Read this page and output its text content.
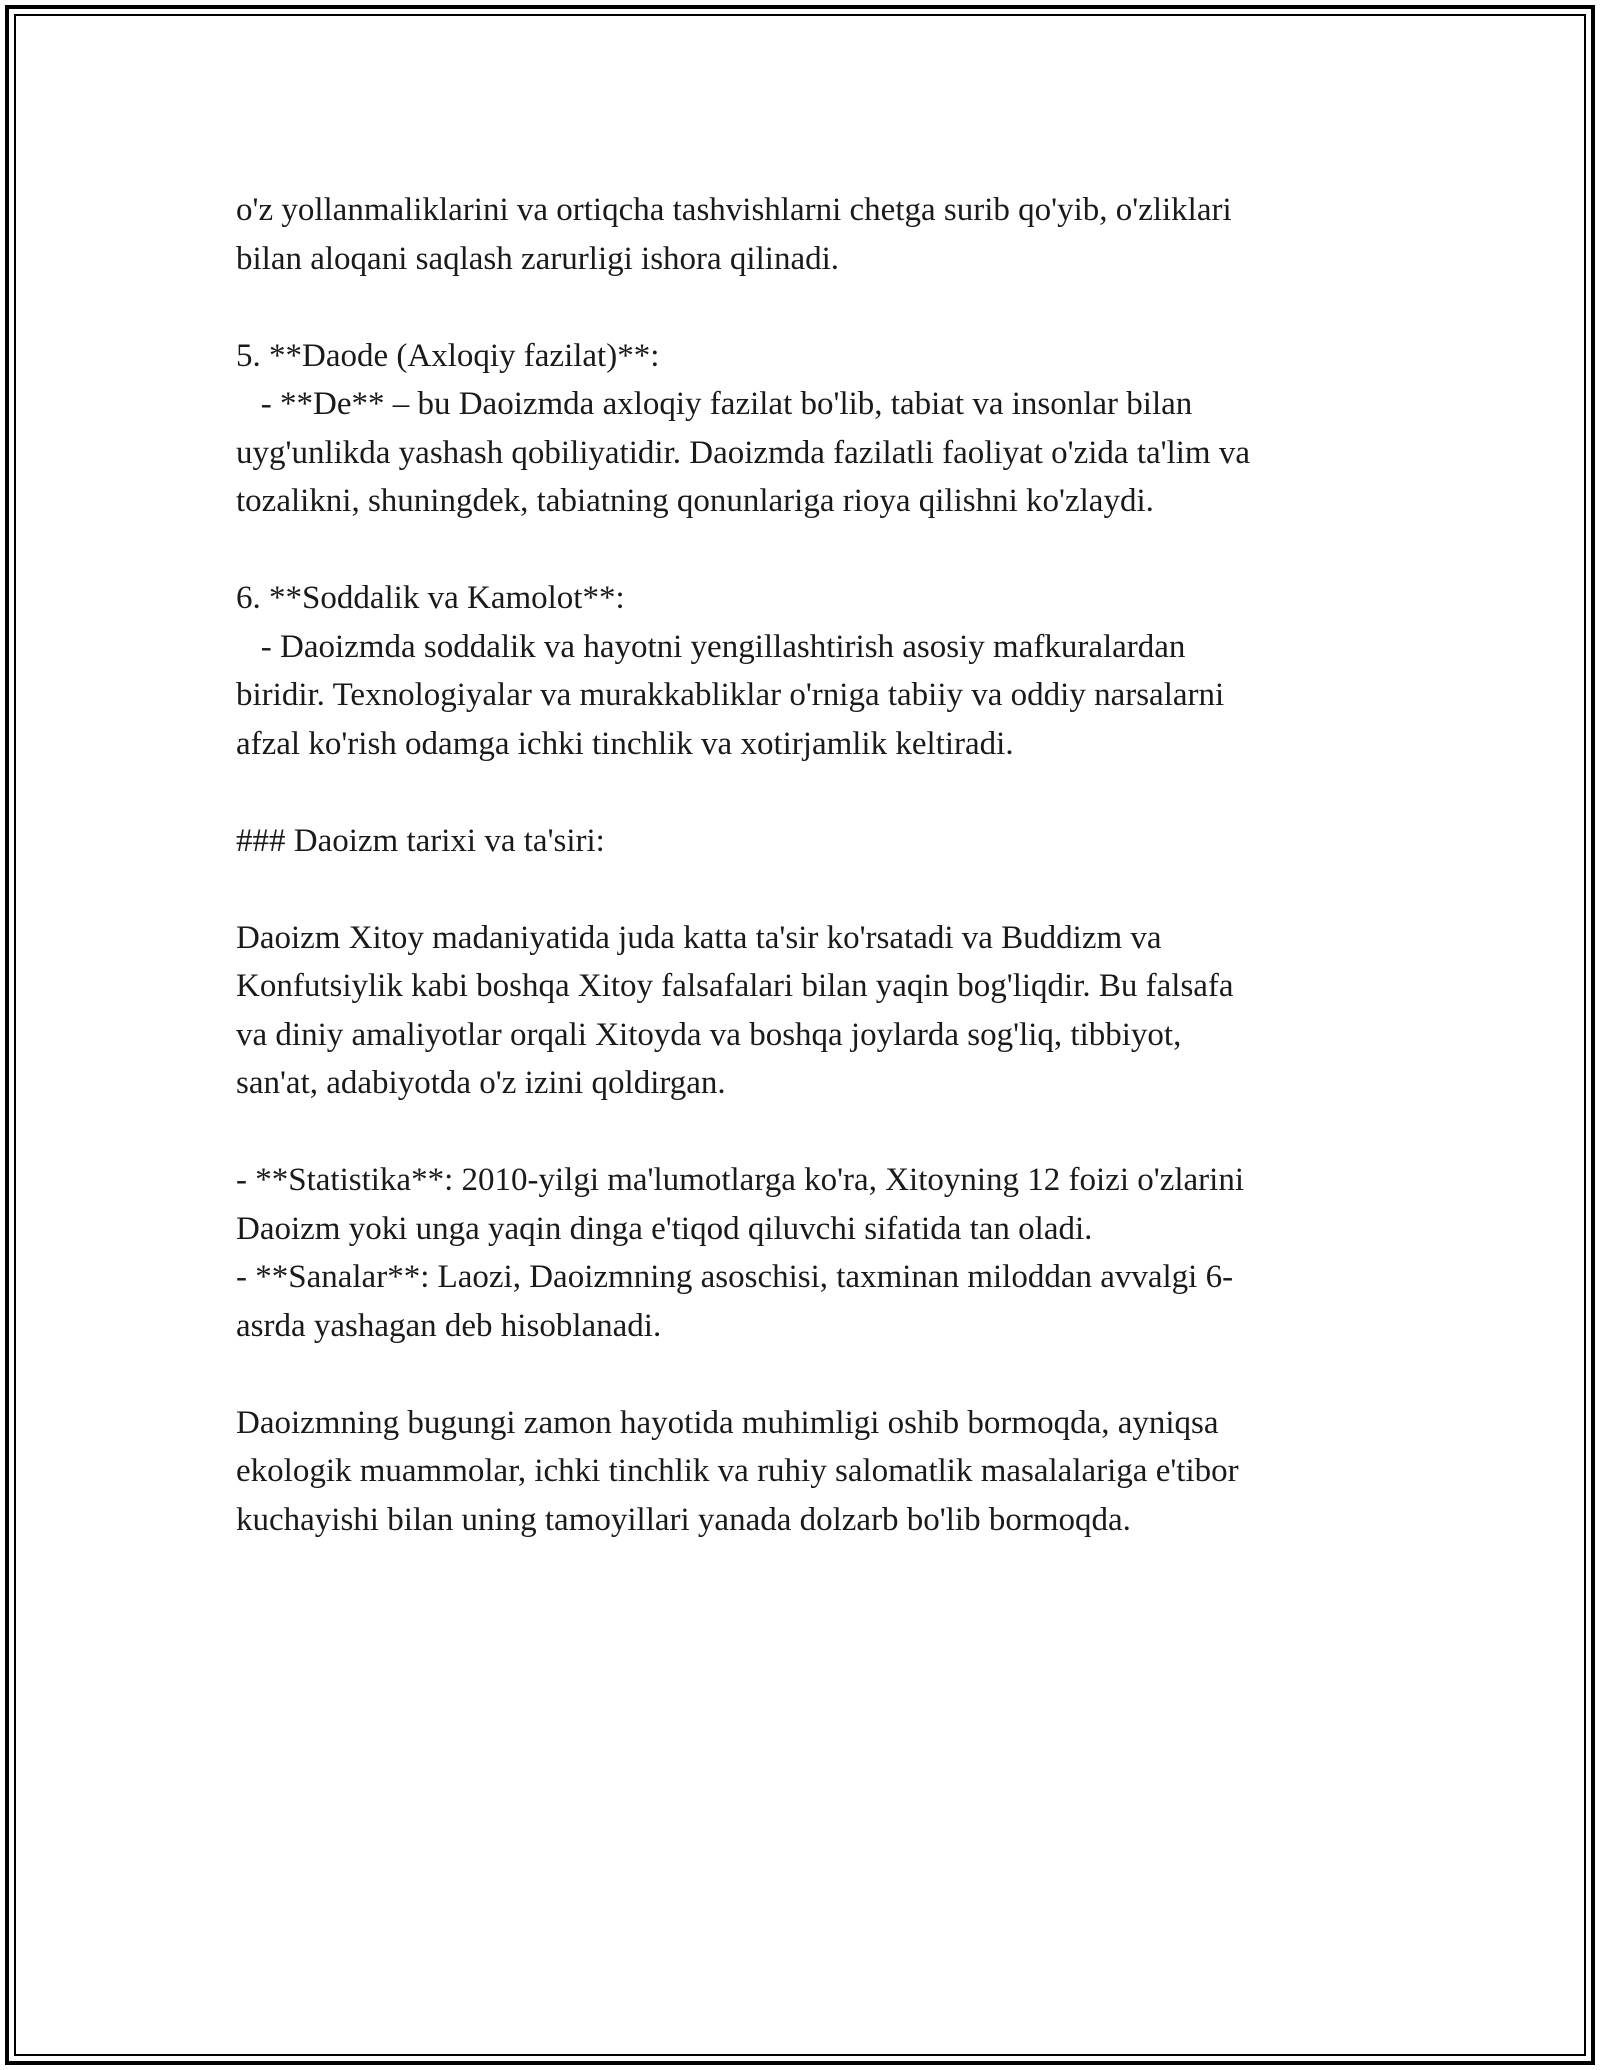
o'z yollanmaliklarini va ortiqcha tashvishlarni chetga surib qo'yib, o'zliklari
bilan aloqani saqlash zarurligi ishora qilinadi.
5. **Daode (Axloqiy fazilat)**:
- **De** – bu Daoizmda axloqiy fazilat bo'lib, tabiat va insonlar bilan
uyg'unlikda yashash qobiliyatidir. Daoizmda fazilatli faoliyat o'zida ta'lim va
tozalikni, shuningdek, tabiatning qonunlariga rioya qilishni ko'zlaydi.
6. **Soddalik va Kamolot**:
- Daoizmda soddalik va hayotni yengillashtirish asosiy mafkuralardan
biridir. Texnologiyalar va murakkabliklar o'rniga tabiiy va oddiy narsalarni
afzal ko'rish odamga ichki tinchlik va xotirjamlik keltiradi.
### Daoizm tarixi va ta'siri:
Daoizm Xitoy madaniyatida juda katta ta'sir ko'rsatadi va Buddizm va
Konfutsiylik kabi boshqa Xitoy falsafalari bilan yaqin bog'liqdir. Bu falsafa
va diniy amaliyotlar orqali Xitoyda va boshqa joylarda sog'liq, tibbiyot,
san'at, adabiyotda o'z izini qoldirgan.
- **Statistika**: 2010-yilgi ma'lumotlarga ko'ra, Xitoyning 12 foizi o'zlarini
Daoizm yoki unga yaqin dinga e'tiqod qiluvchi sifatida tan oladi.
- **Sanalar**: Laozi, Daoizmning asoschisi, taxminan miloddan avvalgi 6-
asrda yashagan deb hisoblanadi.
Daoizmning bugungi zamon hayotida muhimligi oshib bormoqda, ayniqsa
ekologik muammolar, ichki tinchlik va ruhiy salomatlik masalalariga e'tibor
kuchayishi bilan uning tamoyillari yanada dolzarb bo'lib bormoqda.
